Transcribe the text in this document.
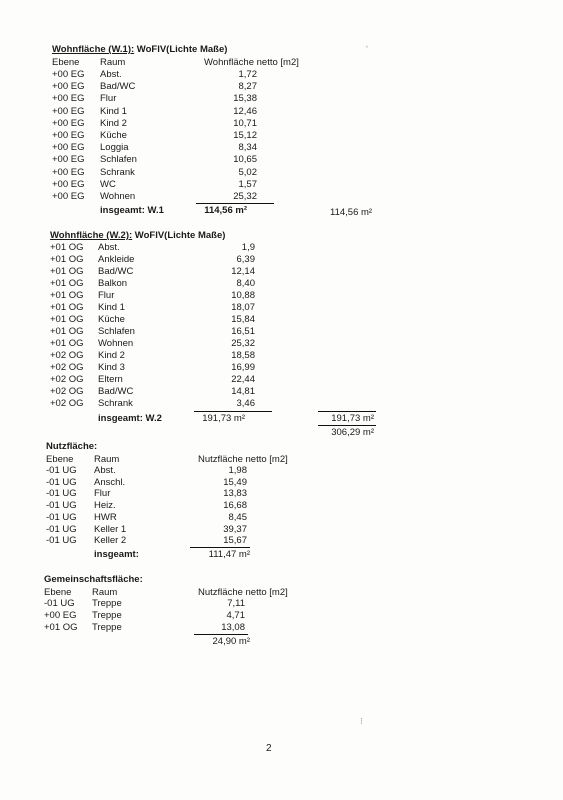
Wohnfläche (W.1): WoFlV(Lichte Maße)
Ebene Raum	Wohnfläche netto [m2]
+00 EG Abst.	1,72
+00 EG Bad/WC	8,27
+00 EG Flur	15,38
+00 EG Kind 1	12,46
+00 EG Kind 2	10,71
+00 EG Küche	15,12
+00 EG Loggia	8,34
+00 EG Schlafen	10,65
+00 EG Schrank	5,02
+00 EG WC	1,57
+00 EG Wohnen	25,32
insgeamt: W.1	114,56 m²	114,56 m²
Wohnfläche (W.2): WoFlV(Lichte Maße)
+01 OG Abst.	1,9
+01 OG Ankleide	6,39
+01 OG Bad/WC	12,14
+01 OG Balkon	8,40
+01 OG Flur	10,88
+01 OG Kind 1	18,07
+01 OG Küche	15,84
+01 OG Schlafen	16,51
+01 OG Wohnen	25,32
+02 OG Kind 2	18,58
+02 OG Kind 3	16,99
+02 OG Eltern	22,44
+02 OG Bad/WC	14,81
+02 OG Schrank	3,46
insgeamt: W.2	191,73 m²	191,73 m²
306,29 m²
Nutzfläche:
Ebene Raum	Nutzfläche netto [m2]
-01 UG Abst.	1,98
-01 UG Anschl.	15,49
-01 UG Flur	13,83
-01 UG Heiz.	16,68
-01 UG HWR	8,45
-01 UG Keller 1	39,37
-01 UG Keller 2	15,67
insgeamt:	111,47 m²
Gemeinschaftsfläche:
Ebene Raum	Nutzfläche netto [m2]
-01 UG Treppe	7,11
+00 EG Treppe	4,71
+01 OG Treppe	13,08
24,90 m²
2
ʻ
⁝
